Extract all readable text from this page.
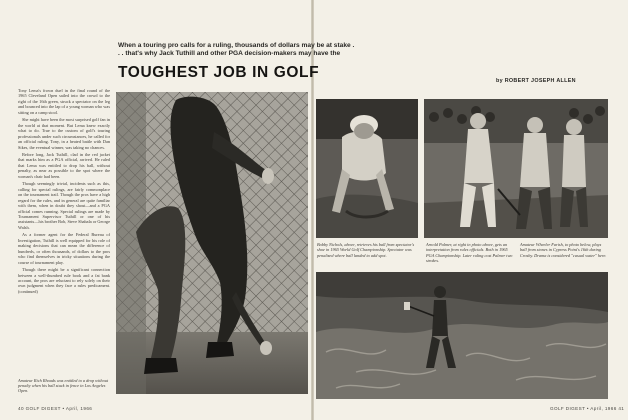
When a touring pro calls for a ruling, thousands of dollars may be at stake . . . that's why Jack Tuthill and other PGA decision-makers may have the
TOUGHEST JOB IN GOLF	by ROBERT JOSEPH ALLEN

Tony Lema's frown duel in the final round of the 1965 Cleveland Open sailed into the crowd to the right of the 16th green, struck a spectator on the leg and bounced into the lap of a young woman who was sitting on a camp stool.

She might have been the most surprised golf fan in the world at that moment. But Lema knew exactly what to do. True to the custom of golf's touring professionals under such circumstances, he called for an official ruling. Tony, in a heated battle with Dan Sikes, the eventual winner, was taking no chances.

Before long, Jack Tuthill, clad in the red jacket that marks him as a PGA official, arrived. He ruled that Lema was entitled to drop his ball, without penalty, as near as possible to the spot where the woman's chair had been.

Though seemingly trivial, incidents such as this, calling for special rulings, are fairly commonplace on the tournament trail. Though the pros have a high regard for the rules, and in general are quite familiar with them, when in doubt they shout—and a PGA official comes running. Special rulings are made by Tournament Supervisor Tuthill or one of his assistants—his brother Bob, Steve Shabala or George Walsh.

As a former agent for the Federal Bureau of Investigation, Tuthill is well equipped for his role of making decisions that can mean the difference of hundreds, or often thousands, of dollars to the pros who find themselves in tricky situations during the course of tournament play.

Though there might be a significant connection between a well-thumbed rule book and a fat bank account, the pros are reluctant to rely solely on their own judgment when they face a rules predicament. (continued)

Amateur Rich Rhoads was entitled to a drop without penalty when his ball stuck in fence in Los Angeles Open.
Bobby Nichols, above, retrieves his ball from spectator's shoe in 1965 World Golf Championship. Spectator was penalized where ball landed to add spot.
Arnold Palmer, at right in photo above, gets an interpretation from rules officials. Both in 1965 PGA Championship. Later ruling cost Palmer two strokes.
Amateur Wheeler Farish, to photo below, plays ball from stones in Cypress Point's 16th during Crosby. Drama is considered "casual water" here.
40 GOLF DIGEST • April, 1966	GOLF DIGEST • April, 1966 41
